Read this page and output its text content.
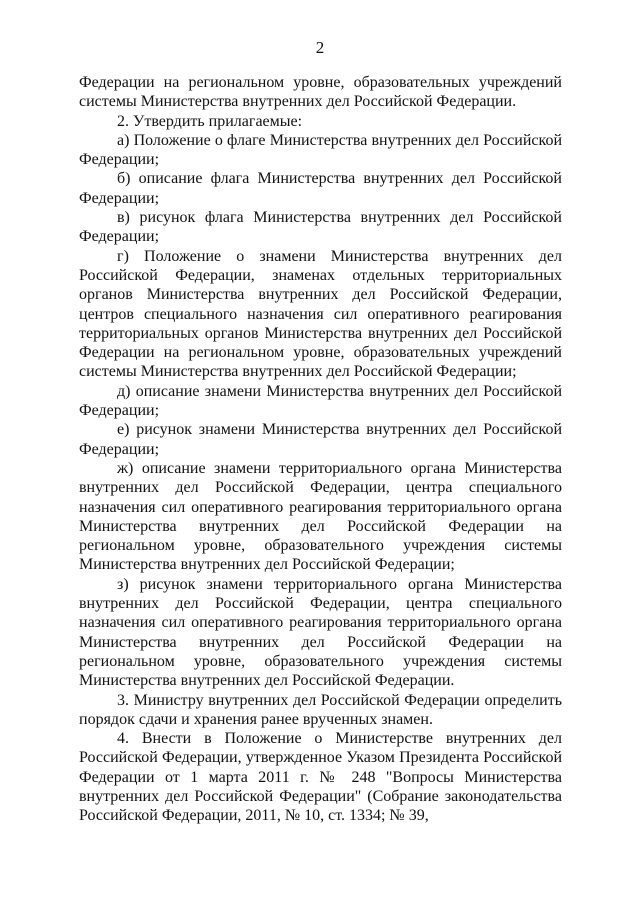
2

Федерации на региональном уровне, образовательных учреждений системы Министерства внутренних дел Российской Федерации.

2. Утвердить прилагаемые:

а) Положение о флаге Министерства внутренних дел Российской Федерации;

б) описание флага Министерства внутренних дел Российской Федерации;

в) рисунок флага Министерства внутренних дел Российской Федерации;

г) Положение о знамени Министерства внутренних дел Российской Федерации, знаменах отдельных территориальных органов Министерства внутренних дел Российской Федерации, центров специального назначения сил оперативного реагирования территориальных органов Министерства внутренних дел Российской Федерации на региональном уровне, образовательных учреждений системы Министерства внутренних дел Российской Федерации;

д) описание знамени Министерства внутренних дел Российской Федерации;

е) рисунок знамени Министерства внутренних дел Российской Федерации;

ж) описание знамени территориального органа Министерства внутренних дел Российской Федерации, центра специального назначения сил оперативного реагирования территориального органа Министерства внутренних дел Российской Федерации на региональном уровне, образовательного учреждения системы Министерства внутренних дел Российской Федерации;

з) рисунок знамени территориального органа Министерства внутренних дел Российской Федерации, центра специального назначения сил оперативного реагирования территориального органа Министерства внутренних дел Российской Федерации на региональном уровне, образовательного учреждения системы Министерства внутренних дел Российской Федерации.

3. Министру внутренних дел Российской Федерации определить порядок сдачи и хранения ранее врученных знамен.

4. Внести в Положение о Министерстве внутренних дел Российской Федерации, утвержденное Указом Президента Российской Федерации от 1 марта 2011 г. № 248 "Вопросы Министерства внутренних дел Российской Федерации" (Собрание законодательства Российской Федерации, 2011, № 10, ст. 1334; № 39,
